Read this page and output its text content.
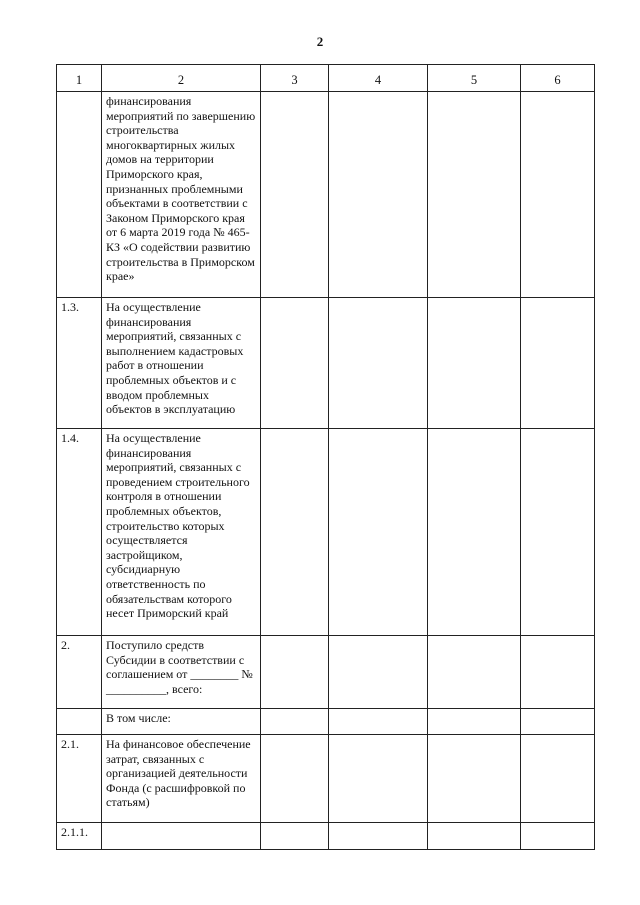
2
1	2	3	4	5	6
	финансирования мероприятий по завершению строительства многоквартирных жилых домов на территории Приморского края, признанных проблемными объектами в соответствии с Законом Приморского края от 6 марта 2019 года № 465-КЗ «О содействии развитию строительства в Приморском крае»				
1.3.	На осуществление финансирования мероприятий, связанных с выполнением кадастровых работ в отношении проблемных объектов и с вводом проблемных объектов в эксплуатацию				
1.4.	На осуществление финансирования мероприятий, связанных с проведением строительного контроля в отношении проблемных объектов, строительство которых осуществляется застройщиком, субсидиарную ответственность по обязательствам которого несет Приморский край				
2.	Поступило средств Субсидии в соответствии с соглашением от ________ № __________, всего:				
	В том числе:				
2.1.	На финансовое обеспечение затрат, связанных с организацией деятельности Фонда (с расшифровкой по статьям)				
2.1.1.					
